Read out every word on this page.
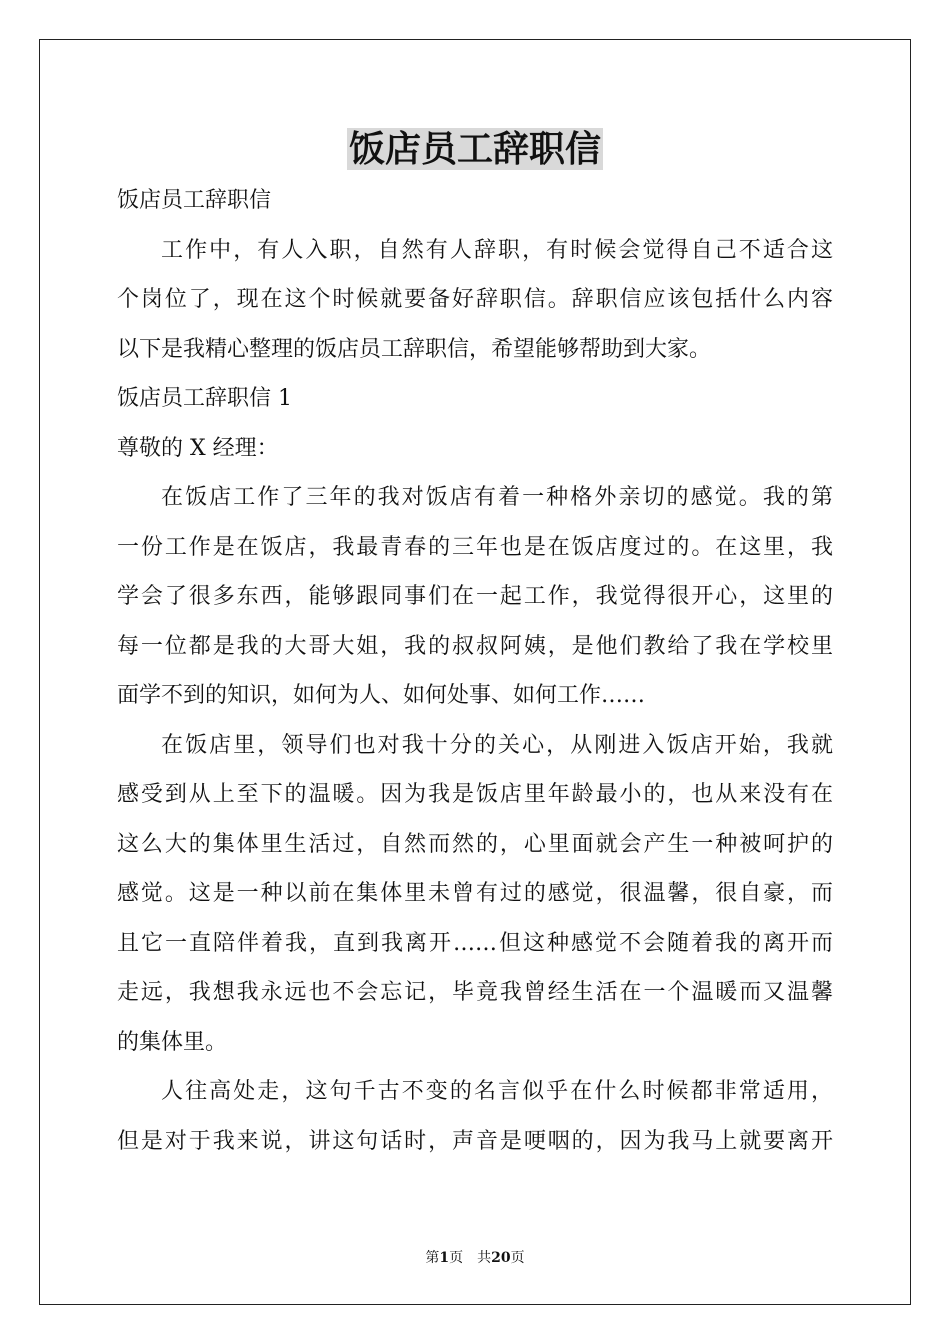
饭店员工辞职信
饭店员工辞职信
工作中，有人入职，自然有人辞职，有时候会觉得自己不适合这
个岗位了，现在这个时候就要备好辞职信。辞职信应该包括什么内容
以下是我精心整理的饭店员工辞职信，希望能够帮助到大家。
饭店员工辞职信 1
尊敬的 X 经理：
在饭店工作了三年的我对饭店有着一种格外亲切的感觉。我的第
一份工作是在饭店，我最青春的三年也是在饭店度过的。在这里，我
学会了很多东西，能够跟同事们在一起工作，我觉得很开心，这里的
每一位都是我的大哥大姐，我的叔叔阿姨，是他们教给了我在学校里
面学不到的知识，如何为人、如何处事、如何工作……
在饭店里，领导们也对我十分的关心，从刚进入饭店开始，我就
感受到从上至下的温暖。因为我是饭店里年龄最小的，也从来没有在
这么大的集体里生活过，自然而然的，心里面就会产生一种被呵护的
感觉。这是一种以前在集体里未曾有过的感觉，很温馨，很自豪，而
且它一直陪伴着我，直到我离开……但这种感觉不会随着我的离开而
走远，我想我永远也不会忘记，毕竟我曾经生活在一个温暖而又温馨
的集体里。
人往高处走，这句千古不变的名言似乎在什么时候都非常适用，
但是对于我来说，讲这句话时，声音是哽咽的，因为我马上就要离开
第1页 共20页
